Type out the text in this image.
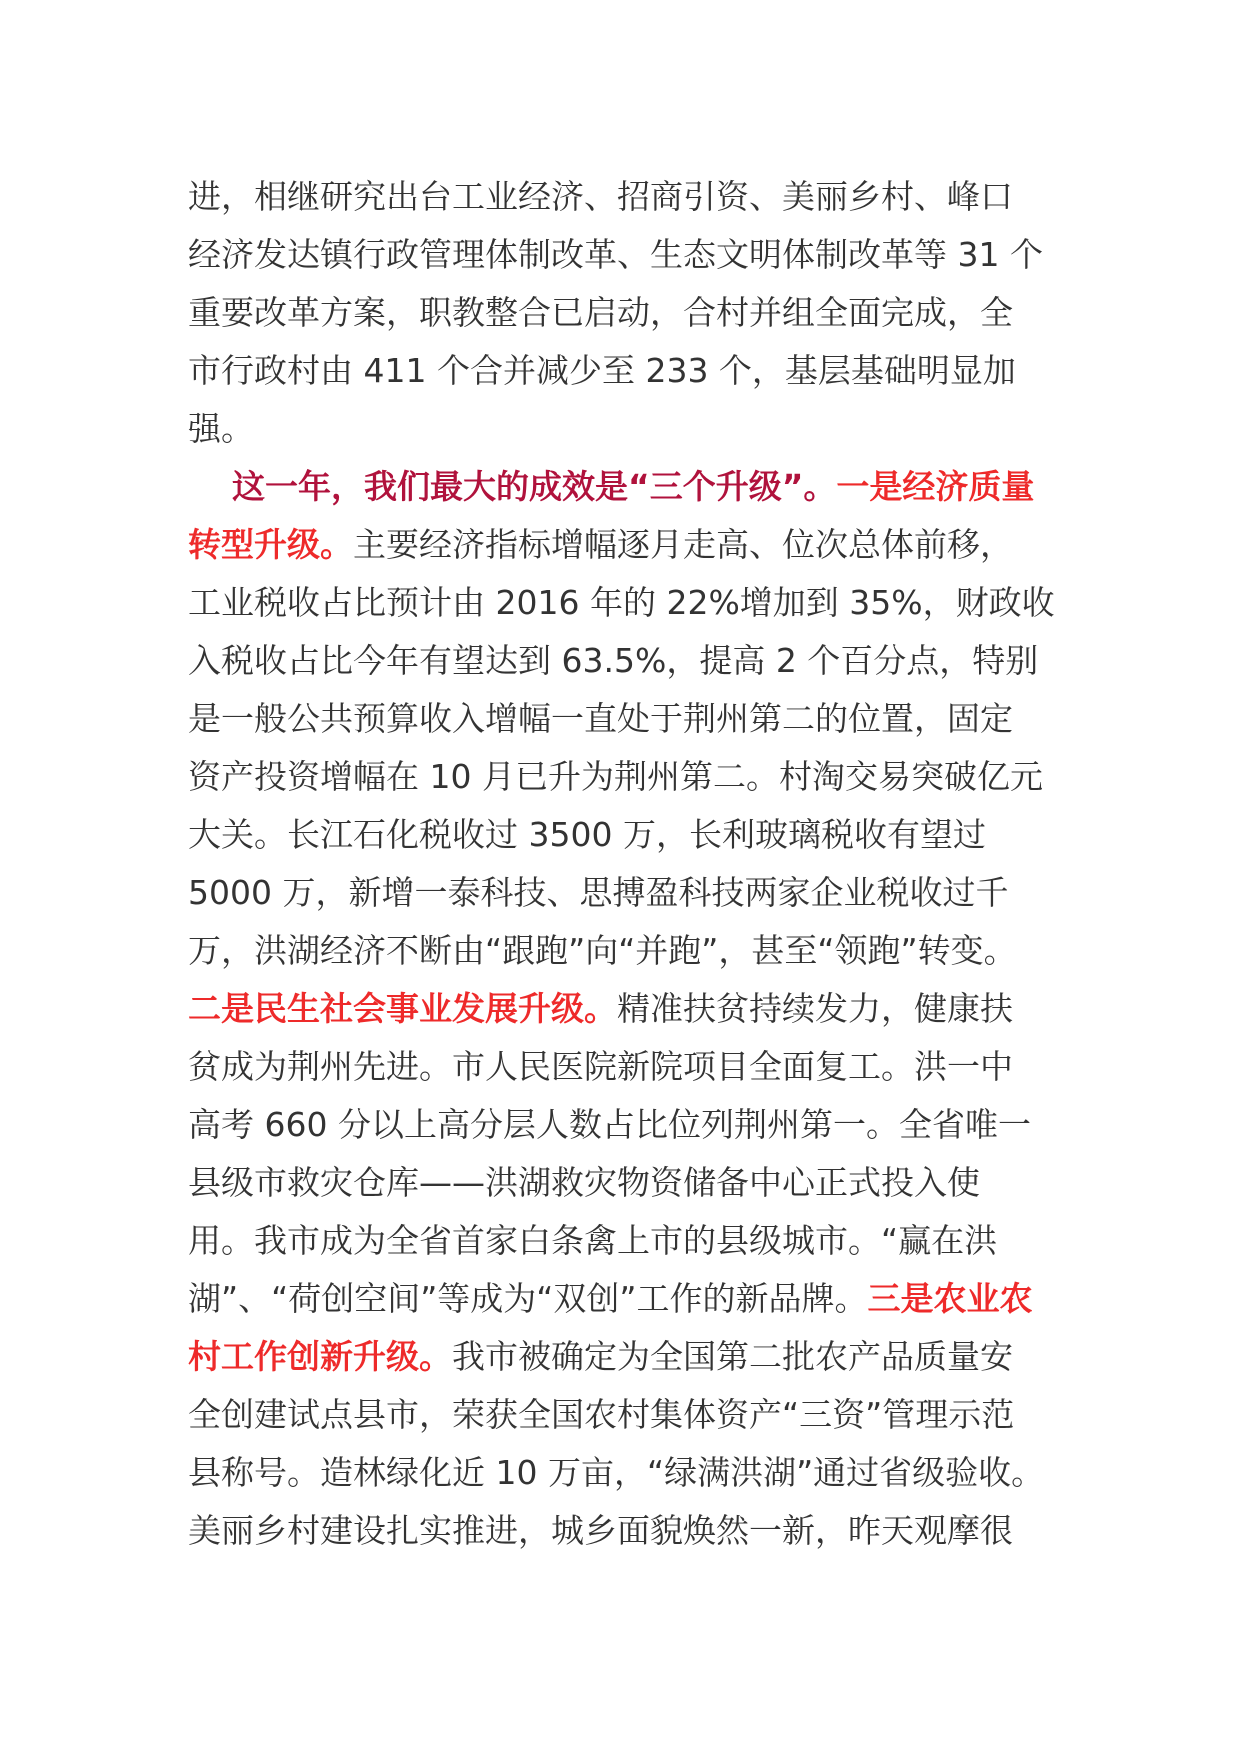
进，相继研究出台工业经济、招商引资、美丽乡村、峰口
经济发达镇行政管理体制改革、生态文明体制改革等 31 个
重要改革方案，职教整合已启动，合村并组全面完成，全
市行政村由 411 个合并减少至 233 个，基层基础明显加
强。
这一年，我们最大的成效是“三个升级”。一是经济质量
转型升级。主要经济指标增幅逐月走高、位次总体前移，
工业税收占比预计由 2016 年的 22%增加到 35%，财政收
入税收占比今年有望达到 63.5%，提高 2 个百分点，特别
是一般公共预算收入增幅一直处于荆州第二的位置，固定
资产投资增幅在 10 月已升为荆州第二。村淘交易突破亿元
大关。长江石化税收过 3500 万，长利玻璃税收有望过
5000 万，新增一泰科技、思搏盈科技两家企业税收过千
万，洪湖经济不断由“跟跑”向“并跑”，甚至“领跑”转变。
二是民生社会事业发展升级。精准扶贫持续发力，健康扶
贫成为荆州先进。市人民医院新院项目全面复工。洪一中
高考 660 分以上高分层人数占比位列荆州第一。全省唯一
县级市救灾仓库——洪湖救灾物资储备中心正式投入使
用。我市成为全省首家白条禽上市的县级城市。“赢在洪
湖”、“荷创空间”等成为“双创”工作的新品牌。三是农业农
村工作创新升级。我市被确定为全国第二批农产品质量安
全创建试点县市，荣获全国农村集体资产“三资”管理示范
县称号。造林绿化近 10 万亩，“绿满洪湖”通过省级验收。
美丽乡村建设扎实推进，城乡面貌焕然一新，昨天观摩很
